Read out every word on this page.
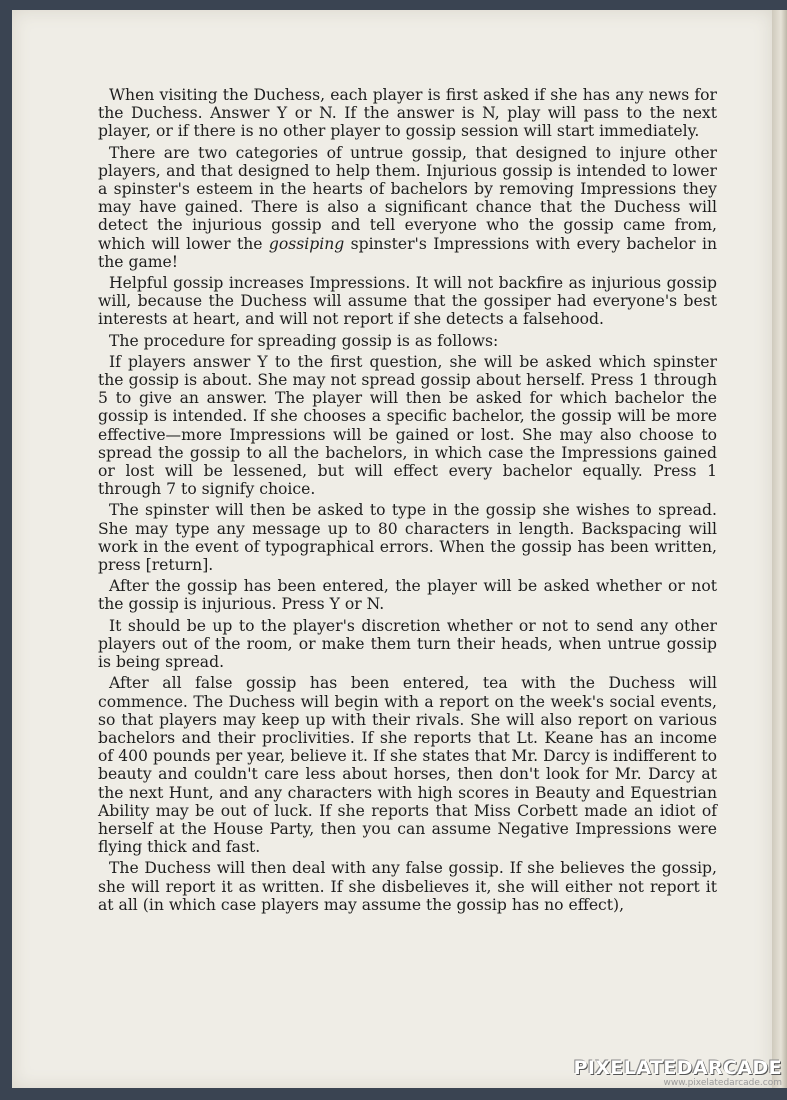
When visiting the Duchess, each player is first asked if she has any news for the Duchess. Answer Y or N. If the answer is N, play will pass to the next player, or if there is no other player to gossip session will start immediately.

There are two categories of untrue gossip, that designed to injure other players, and that designed to help them. Injurious gossip is intended to lower a spinster's esteem in the hearts of bachelors by removing Impressions they may have gained. There is also a significant chance that the Duchess will detect the injurious gossip and tell everyone who the gossip came from, which will lower the gossiping spinster's Impressions with every bachelor in the game!

Helpful gossip increases Impressions. It will not backfire as injurious gossip will, because the Duchess will assume that the gossiper had everyone's best interests at heart, and will not report if she detects a falsehood.

The procedure for spreading gossip is as follows:

If players answer Y to the first question, she will be asked which spinster the gossip is about. She may not spread gossip about herself. Press 1 through 5 to give an answer. The player will then be asked for which bachelor the gossip is intended. If she chooses a specific bachelor, the gossip will be more effective—more Impressions will be gained or lost. She may also choose to spread the gossip to all the bachelors, in which case the Impressions gained or lost will be lessened, but will effect every bachelor equally. Press 1 through 7 to signify choice.

The spinster will then be asked to type in the gossip she wishes to spread. She may type any message up to 80 characters in length. Backspacing will work in the event of typographical errors. When the gossip has been written, press [return].

After the gossip has been entered, the player will be asked whether or not the gossip is injurious. Press Y or N.

It should be up to the player's discretion whether or not to send any other players out of the room, or make them turn their heads, when untrue gossip is being spread.

After all false gossip has been entered, tea with the Duchess will commence. The Duchess will begin with a report on the week's social events, so that players may keep up with their rivals. She will also report on various bachelors and their proclivities. If she reports that Lt. Keane has an income of 400 pounds per year, believe it. If she states that Mr. Darcy is indifferent to beauty and couldn't care less about horses, then don't look for Mr. Darcy at the next Hunt, and any characters with high scores in Beauty and Equestrian Ability may be out of luck. If she reports that Miss Corbett made an idiot of herself at the House Party, then you can assume Negative Impressions were flying thick and fast.

The Duchess will then deal with any false gossip. If she believes the gossip, she will report it as written. If she disbelieves it, she will either not report it at all (in which case players may assume the gossip has no effect),

PIXELATEDARCADE
www.pixelatedarcade.com
